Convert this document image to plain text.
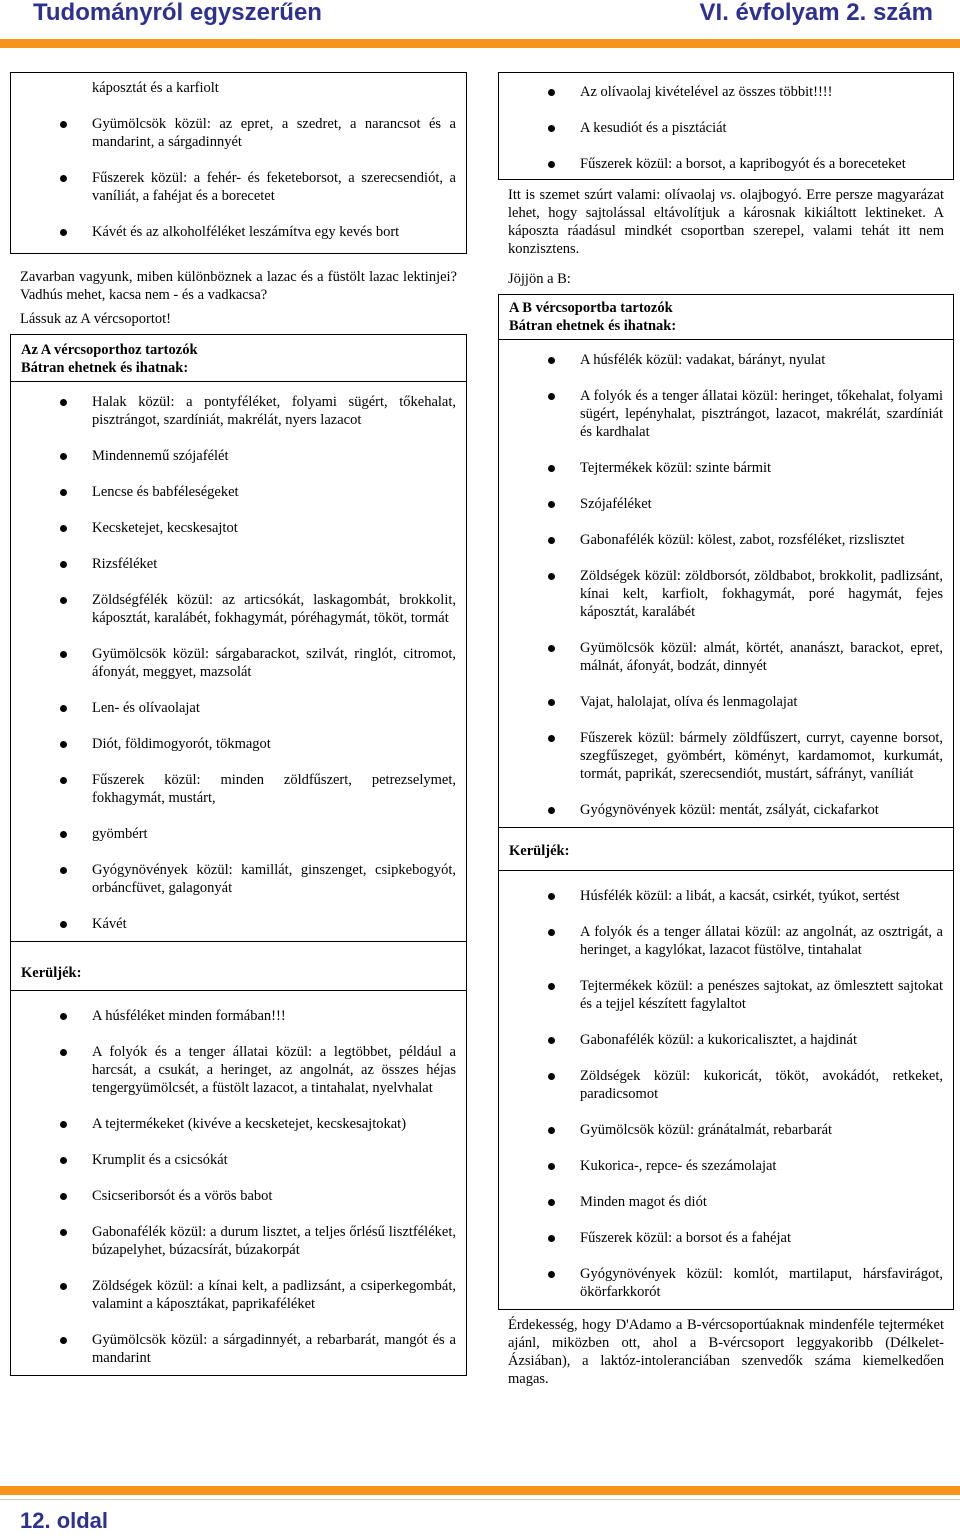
Tudományról egyszerűen	VI. évfolyam 2. szám
káposztát és a karfiolt
Gyümölcsök közül: az epret, a szedret, a narancsot és a mandarint, a sárgadinnyét
Fűszerek közül: a fehér- és feketeborsot, a szerecsendiót, a vaníliát, a fahéjat és a borecetet
Kávét és az alkoholféléket leszámítva egy kevés bort
Zavarban vagyunk, miben különböznek a lazac és a füstölt lazac lektinjei? Vadhús mehet, kacsa nem - és a vadkacsa?
Lássuk az A vércsoportot!
Az A vércsoporthoz tartozók
Bátran ehetnek és ihatnak:
Halak közül: a pontyféléket, folyami sügért, tőkehalat, pisztrángot, szardíniát, makrélát, nyers lazacot
Mindennemű szójafélét
Lencse és babféleségeket
Kecsketejet, kecskesajtot
Rizsféléket
Zöldségfélék közül: az articsókát, laskagombát, brokkolit, káposztát, karalábét, fokhagymát, póréhagymát, tököt, tormát
Gyümölcsök közül: sárgabarackot, szilvát, ringlót, citromot, áfonyát, meggyet, mazsolát
Len- és olívaolajat
Diót, földimogyorót, tökmagot
Fűszerek közül: minden zöldfűszert, petrezselymet, fokhagymát, mustárt,
gyömbért
Gyógynövények közül: kamillát, ginszenget, csipkebogyót, orbáncfüvet, galagonyát
Kávét
Kerüljék:
A húsféléket minden formában!!!
A folyók és a tenger állatai közül: a legtöbbet, például a harcsát, a csukát, a heringet, az angolnát, az összes héjas tengergyümölcsét, a füstölt lazacot, a tintahalat, nyelvhalat
A tejtermékeket (kivéve a kecsketejet, kecskesajtokat)
Krumplit és a csicsókát
Csicseriborsót és a vörös babot
Gabonafélék közül: a durum lisztet, a teljes őrlésű lisztféléket, búzapelyhet, búzacsírát, búzakorpát
Zöldségek közül: a kínai kelt, a padlizsánt, a csiperkegombát, valamint a káposztákat, paprikaféléket
Gyümölcsök közül: a sárgadinnyét, a rebarbarát, mangót és a mandarint
Az olívaolaj kivételével az összes többit!!!!
A kesudiót és a pisztáciát
Fűszerek közül: a borsot, a kapribogyót és a boreceteket
Itt is szemet szúrt valami: olívaolaj vs. olajbogyó. Erre persze magyarázat lehet, hogy sajtolással eltávolítjuk a károsnak kikiáltott lektineket. A káposzta ráadásul mindkét csoportban szerepel, valami tehát itt nem konzisztens.
Jöjjön a B:
A B vércsoportba tartozók
Bátran ehetnek és ihatnak:
A húsfélék közül: vadakat, bárányt, nyulat
A folyók és a tenger állatai közül: heringet, tőkehalat, folyami sügért, lepényhalat, pisztrángot, lazacot, makrélát, szardíniát és kardhalat
Tejtermékek közül: szinte bármit
Szójaféléket
Gabonafélék közül: kölest, zabot, rozsféléket, rizslisztet
Zöldségek közül: zöldborsót, zöldbabot, brokkolit, padlizsánt, kínai kelt, karfiolt, fokhagymát, poré hagymát, fejes káposztát, karalábét
Gyümölcsök közül: almát, körtét, ananászt, barackot, epret, málnát, áfonyát, bodzát, dinnyét
Vajat, halolajat, olíva és lenmagolajat
Fűszerek közül: bármely zöldfűszert, curryt, cayenne borsot, szegfűszeget, gyömbért, köményt, kardamomot, kurkumát, tormát, paprikát, szerecsendiót, mustárt, sáfrányt, vaníliát
Gyógynövények közül: mentát, zsályát, cickafarkot
Kerüljék:
Húsfélék közül: a libát, a kacsát, csirkét, tyúkot, sertést
A folyók és a tenger állatai közül: az angolnát, az osztrigát, a heringet, a kagylókat, lazacot füstölve, tintahalat
Tejtermékek közül: a penészes sajtokat, az ömlesztett sajtokat és a tejjel készített fagylaltot
Gabonafélék közül: a kukoricalisztet, a hajdinát
Zöldségek közül: kukoricát, tököt, avokádót, retkeket, paradicsomot
Gyümölcsök közül: gránátalmát, rebarbarát
Kukorica-, repce- és szezámolajat
Minden magot és diót
Fűszerek közül: a borsot és a fahéjat
Gyógynövények közül: komlót, martilaput, hársfavirágot, ökörfarkkorót
Érdekesség, hogy D'Adamo a B-vércsoportúaknak mindenféle tejterméket ajánl, miközben ott, ahol a B-vércsoport leggyakoribb (Délkelet-Ázsiában), a laktóz-intoleranciában szenvedők száma kiemelkedően magas.
12. oldal
